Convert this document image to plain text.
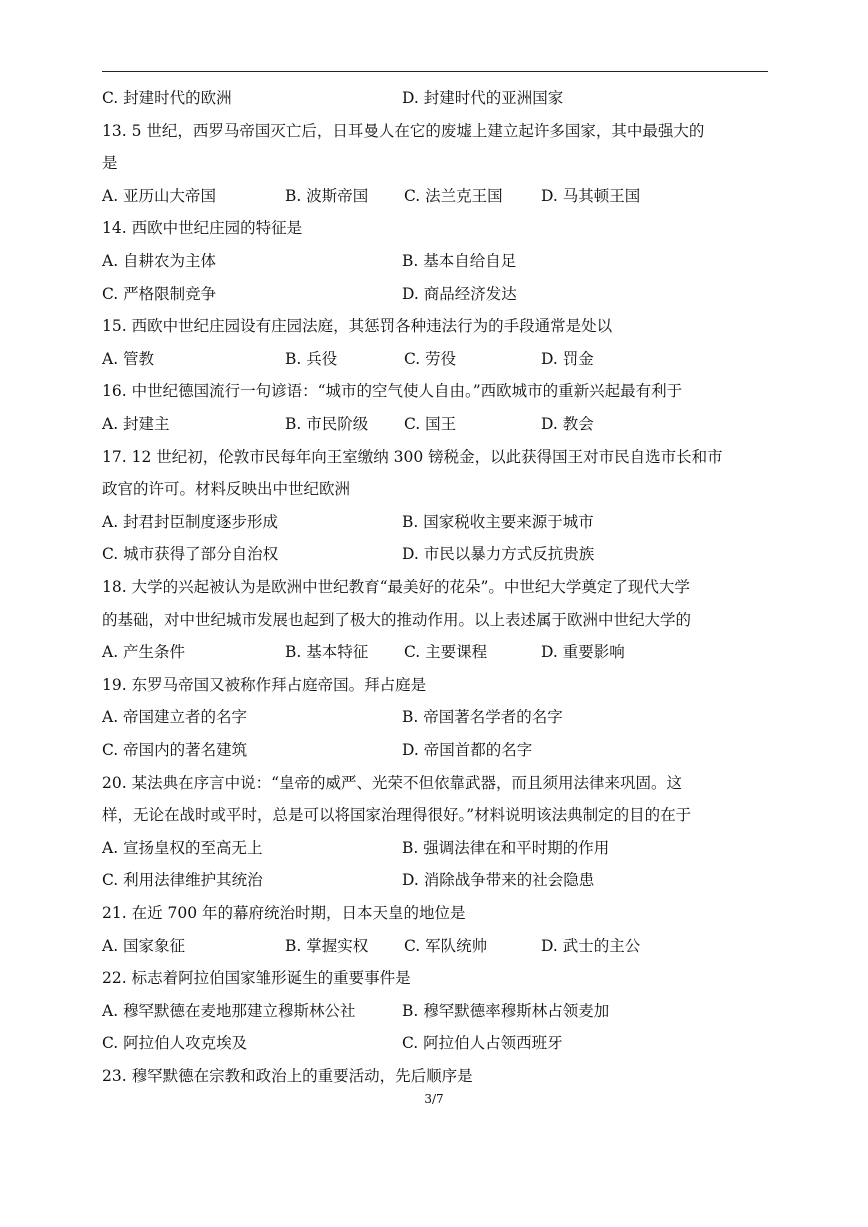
C. 封建时代的欧洲	D. 封建时代的亚洲国家
13. 5 世纪，西罗马帝国灭亡后，日耳曼人在它的废墟上建立起许多国家，其中最强大的
是
A. 亚历山大帝国	B. 波斯帝国 C. 法兰克王国 D. 马其顿王国
14. 西欧中世纪庄园的特征是
A. 自耕农为主体	B. 基本自给自足
C. 严格限制竞争	D. 商品经济发达
15. 西欧中世纪庄园设有庄园法庭，其惩罚各种违法行为的手段通常是处以
A. 管教	B. 兵役	C. 劳役	D. 罚金
16. 中世纪德国流行一句谚语：“城市的空气使人自由。”西欧城市的重新兴起最有利于
A. 封建主	B. 市民阶级 C. 国王	D. 教会
17. 12 世纪初，伦敦市民每年向王室缴纳 300 镑税金，以此获得国王对市民自选市长和市
政官的许可。材料反映出中世纪欧洲
A. 封君封臣制度逐步形成	B. 国家税收主要来源于城市
C. 城市获得了部分自治权	D. 市民以暴力方式反抗贵族
18. 大学的兴起被认为是欧洲中世纪教育“最美好的花朵”。中世纪大学奠定了现代大学
的基础，对中世纪城市发展也起到了极大的推动作用。以上表述属于欧洲中世纪大学的
A. 产生条件	B. 基本特征 C. 主要课程	D. 重要影响
19. 东罗马帝国又被称作拜占庭帝国。拜占庭是
A. 帝国建立者的名字	B. 帝国著名学者的名字
C. 帝国内的著名建筑	D. 帝国首都的名字
20. 某法典在序言中说：“皇帝的威严、光荣不但依靠武器，而且须用法律来巩固。这
样，无论在战时或平时，总是可以将国家治理得很好。”材料说明该法典制定的目的在于
A. 宣扬皇权的至高无上	B. 强调法律在和平时期的作用
C. 利用法律维护其统治	D. 消除战争带来的社会隐患
21. 在近 700 年的幕府统治时期，日本天皇的地位是
A. 国家象征	B. 掌握实权 C. 军队统帅	D. 武士的主公
22. 标志着阿拉伯国家雏形诞生的重要事件是
A. 穆罕默德在麦地那建立穆斯林公社	B. 穆罕默德率穆斯林占领麦加
C. 阿拉伯人攻克埃及	C. 阿拉伯人占领西班牙
23. 穆罕默德在宗教和政治上的重要活动，先后顺序是
3/7
